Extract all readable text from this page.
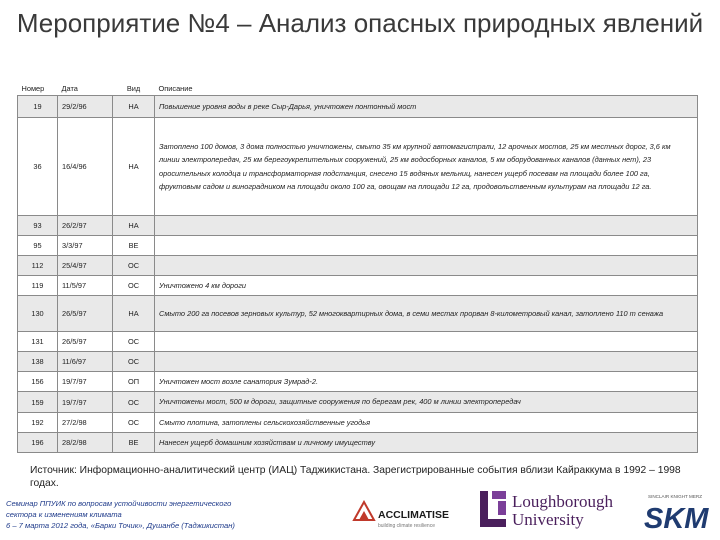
Мероприятие №4 – Анализ опасных природных явлений
Номер	Дата	Вид	Описание
19	29/2/96	НА	Повышение уровня воды в реке Сыр-Дарья, уничтожен понтонный мост
36	16/4/96	НА	Затоплено 100 домов, 3 дома полностью уничтожены, смыто 35 км крупной автомагистрали, 12 арочных мостов, 25 км местных дорог, 3,6 км линии электропередач, 25 км берегоукрепительных сооружений, 25 км водосборных каналов, 5 км оборудованных каналов (данных нет), 23 оросительных колодца и трансформаторная подстанция, снесено 15 водяных мельниц, нанесен ущерб посевам на площади более 100 га, фруктовым садом и виноградником на площади около 100 га, овощам на площади 12 га, продовольственным культурам на площади 12 га.
93	26/2/97	НА	
95	3/3/97	ВЕ	
112	25/4/97	ОС	
119	11/5/97	ОС	Уничтожено 4 км дороги
130	26/5/97	НА	Смыто 200 га посевов зерновых культур, 52 многоквартирных дома, в семи местах прорван 8-километровый канал, затоплено 110 т сенажа
131	26/5/97	ОС	
138	11/6/97	ОС	
156	19/7/97	ОП	Уничтожен мост возле санатория Зумрад-2.
159	19/7/97	ОС	Уничтожены мост, 500 м дороги, защитные сооружения по берегам рек, 400 м линии электропередач
192	27/2/98	ОС	Смыто плотина, затоплены сельскохозяйственные угодья
196	28/2/98	ВЕ	Нанесен ущерб домашним хозяйствам и личному имуществу
Источник: Информационно-аналитический центр (ИАЦ) Таджикистана. Зарегистрированные события вблизи Кайраккума в 1992 – 1998 годах.
Семинар ППУИК по вопросам устойчивости энергетического
сектора к изменениям климата
6 – 7 марта 2012 года, «Барки Точик», Душанбе (Таджикистан)
ACCLIMATISE
building climate resilience
Loughborough
University
SINCLAIR KNIGHT MERZ
SKM
